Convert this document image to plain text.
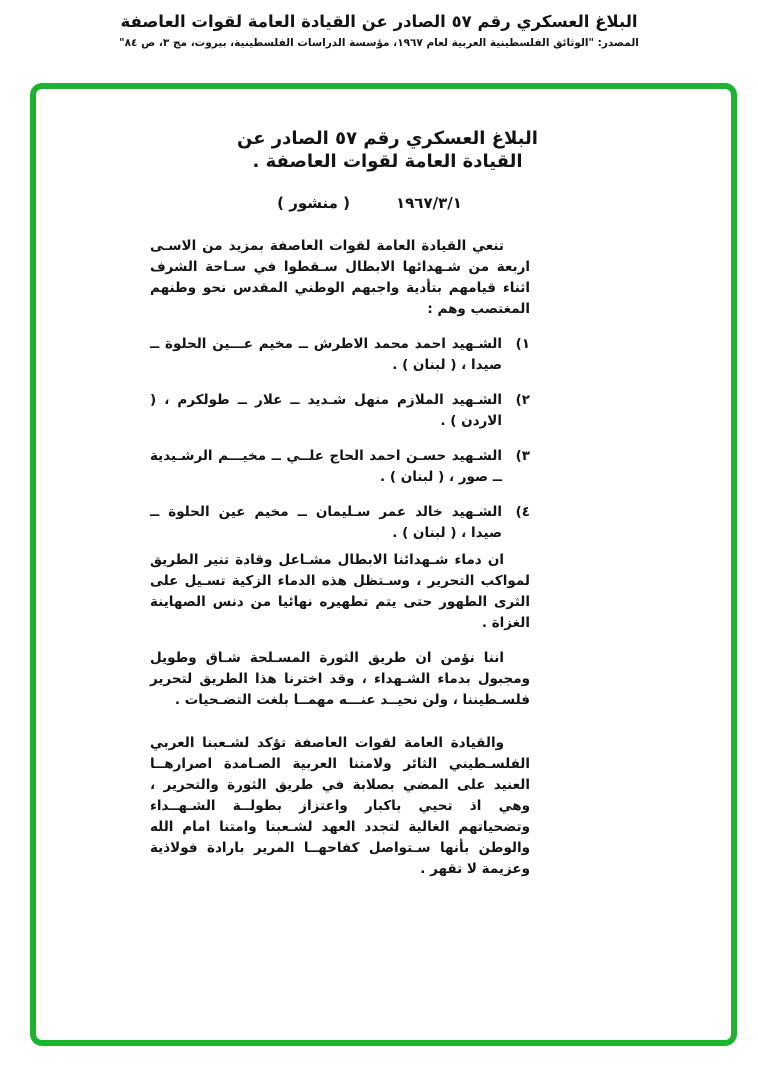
البلاغ العسكري رقم ٥٧ الصادر عن القيادة العامة لقوات العاصفة
المصدر: "الوثائق الفلسطينية العربية لعام ١٩٦٧، مؤسسة الدراسات الفلسطينية، بيروت، مج ٣، ص ٨٤"
البلاغ العسكري رقم ٥٧ الصادر عن
القيادة العامة لقوات العاصفة .
١٩٦٧/٣/١
( منشور )

تنعي القيادة العامة لقوات العاصفة بمزيد من الاسـى اربعة من شـهدائها الابطال سـقطوا في سـاحة الشرف اثناء قيامهم بتأدية واجبهم الوطني المقدس نحو وطنهم المغتصب وهم :

١)
الشـهيد احمد محمد الاطرش ــ مخيم عـــين الحلوة ــ صيدا ، ( لبنان ) .
٢)
الشـهيد الملازم منهل شـديد ــ علار ــ طولكرم ، ( الاردن ) .
٣)
الشـهيد حسـن احمد الحاج علــي ــ مخيـــم الرشـيدية ــ صور ، ( لبنان ) .
٤)
الشـهيد خالد عمر سـليمان ــ مخيم عين الحلوة ــ صيدا ، ( لبنان ) .

ان دماء شـهدائنا الابطال مشـاعل وقادة تنير الطريق لمواكب التحرير ، وسـتظل هذه الدماء الزكية تسـيل على الثرى الطهور حتى يتم تطهيره نهائيا من دنس الصهاينة الغزاة .

اننا نؤمن ان طريق الثورة المسـلحة شـاق وطويل ومجبول بدماء الشـهداء ، وقد اخترنا هذا الطريق لتحرير فلسـطيننا ، ولن نحيــد عنـــه مهمــا بلغت التضـحيات .

والقيادة العامة لقوات العاصفة تؤكد لشـعبنا العربي الفلسـطيني الثائر ولامتنا العربية الصـامدة اصرارهــا العنيد على المضي بصلابة في طريق الثورة والتحرير ، وهي اذ تحيي باكبار واعتزاز بطولــة الشـهــداء وتضحياتهم الغالية لتجدد العهد لشـعبنا وامتنا امام الله والوطن بأنها سـتواصل كفاحهــا المرير بارادة فولاذية وعزيمة لا تقهر .
